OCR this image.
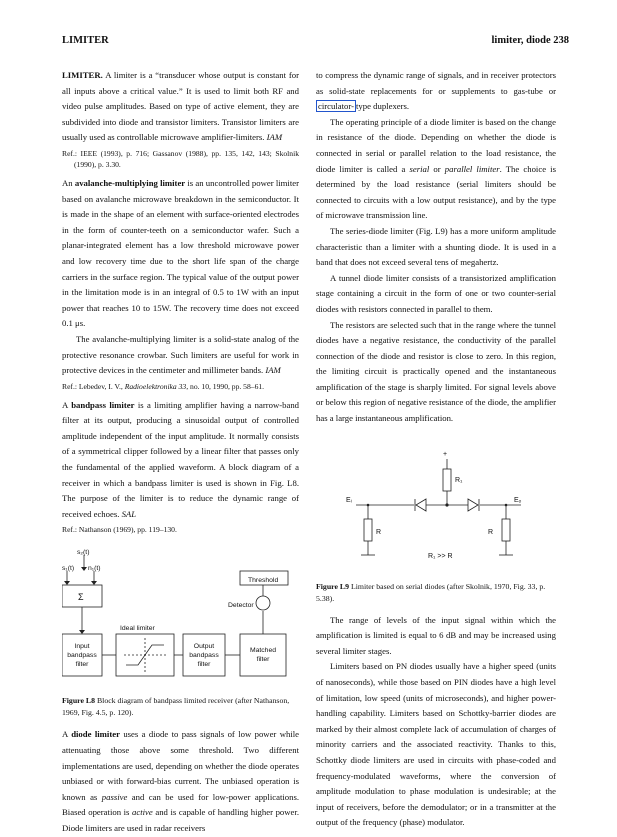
LIMITER	limiter, diode 238

LIMITER. A limiter is a “transducer whose output is constant for all inputs above a critical value.” It is used to limit both RF and video pulse amplitudes. Based on type of active element, they are subdivided into diode and transistor limiters. Transistor limiters are usually used as controllable microwave amplifier-limiters. IAM

Ref.: IEEE (1993), p. 716; Gassanov (1988), pp. 135, 142, 143; Skolnik (1990), p. 3.30.

An avalanche-multiplying limiter is an uncontrolled power limiter based on avalanche microwave breakdown in the semiconductor. It is made in the shape of an element with surface-oriented electrodes in the form of counter-teeth on a semiconductor wafer. Such a planar-integrated element has a low threshold microwave power and low recovery time due to the short life span of the charge carriers in the surface region. The typical value of the output power in the limitation mode is in an integral of 0.5 to 1W with an input power that reaches 10 to 15W. The recovery time does not exceed 0.1 μs.

The avalanche-multiplying limiter is a solid-state analog of the protective resonance crowbar. Such limiters are useful for work in protective devices in the centimeter and millimeter bands. IAM

Ref.: Lebedev, I. V., Radioelektronika 33, no. 10, 1990, pp. 58–61.

A bandpass limiter is a limiting amplifier having a narrow-band filter at its output, producing a sinusoidal output of controlled amplitude independent of the input amplitude. It normally consists of a symmetrical clipper followed by a linear filter that passes only the fundamental of the applied waveform. A block diagram of a receiver in which a bandpass limiter is used is shown in Fig. L8. The purpose of the limiter is to reduce the dynamic range of received echoes. SAL

Ref.: Nathanson (1969), pp. 119–130.

s₂(t)
s₁(t) n₁(t)
Σ
Threshold
Detector
Ideal limiter
Input
bandpass
filter
Output
bandpass
filter
Matched
filter

Figure L8 Block diagram of bandpass limited receiver (after Nathanson, 1969, Fig. 4.5, p. 120).

A diode limiter uses a diode to pass signals of low power while attenuating those above some threshold. Two different implementations are used, depending on whether the diode operates unbiased or with forward-bias current. The unbiased operation is known as passive and can be used for low-power applications. Biased operation is active and is capable of handling higher power. Diode limiters are used in radar receivers

to compress the dynamic range of signals, and in receiver protectors as solid-state replacements for or supplements to gas-tube or circulator- type duplexers.

The operating principle of a diode limiter is based on the change in resistance of the diode. Depending on whether the diode is connected in serial or parallel relation to the load resistance, the diode limiter is called a serial or parallel limiter. The choice is determined by the load resistance (serial limiters should be connected to circuits with a low output resistance), and by the type of microwave transmission line.

The series-diode limiter (Fig. L9) has a more uniform amplitude characteristic than a limiter with a shunting diode. It is used in a band that does not exceed several tens of megahertz.

A tunnel diode limiter consists of a transistorized amplification stage containing a circuit in the form of one or two counter-serial diodes with resistors connected in parallel to them.

The resistors are selected such that in the range where the tunnel diodes have a negative resistance, the conductivity of the parallel connection of the diode and resistor is close to zero. In this region, the limiting circuit is practically opened and the instantaneous amplification of the stage is sharply limited. For signal levels above or below this region of negative resistance of the diode, the amplifier has a large instantaneous amplification.

+
R₁
Eᵢ	Eₒ
R	R
R₁ >> R

Figure L9 Limiter based on serial diodes (after Skolnik, 1970, Fig. 33, p. 5.38).

The range of levels of the input signal within which the amplification is limited is equal to 6 dB and may be increased using several limiter stages.

Limiters based on PN diodes usually have a higher speed (units of nanoseconds), while those based on PIN diodes have a high level of limitation, low speed (units of microseconds), and higher power-handling capability. Limiters based on Schottky-barrier diodes are marked by their almost complete lack of accumulation of charges of minority carriers and the associated reactivity. Thanks to this, Schottky diode limiters are used in circuits with phase-coded and frequency-modulated waveforms, where the conversion of amplitude modulation to phase modulation is undesirable; at the input of receivers, before the demodulator; or in a transmitter at the output of the frequency (phase) modulator.
